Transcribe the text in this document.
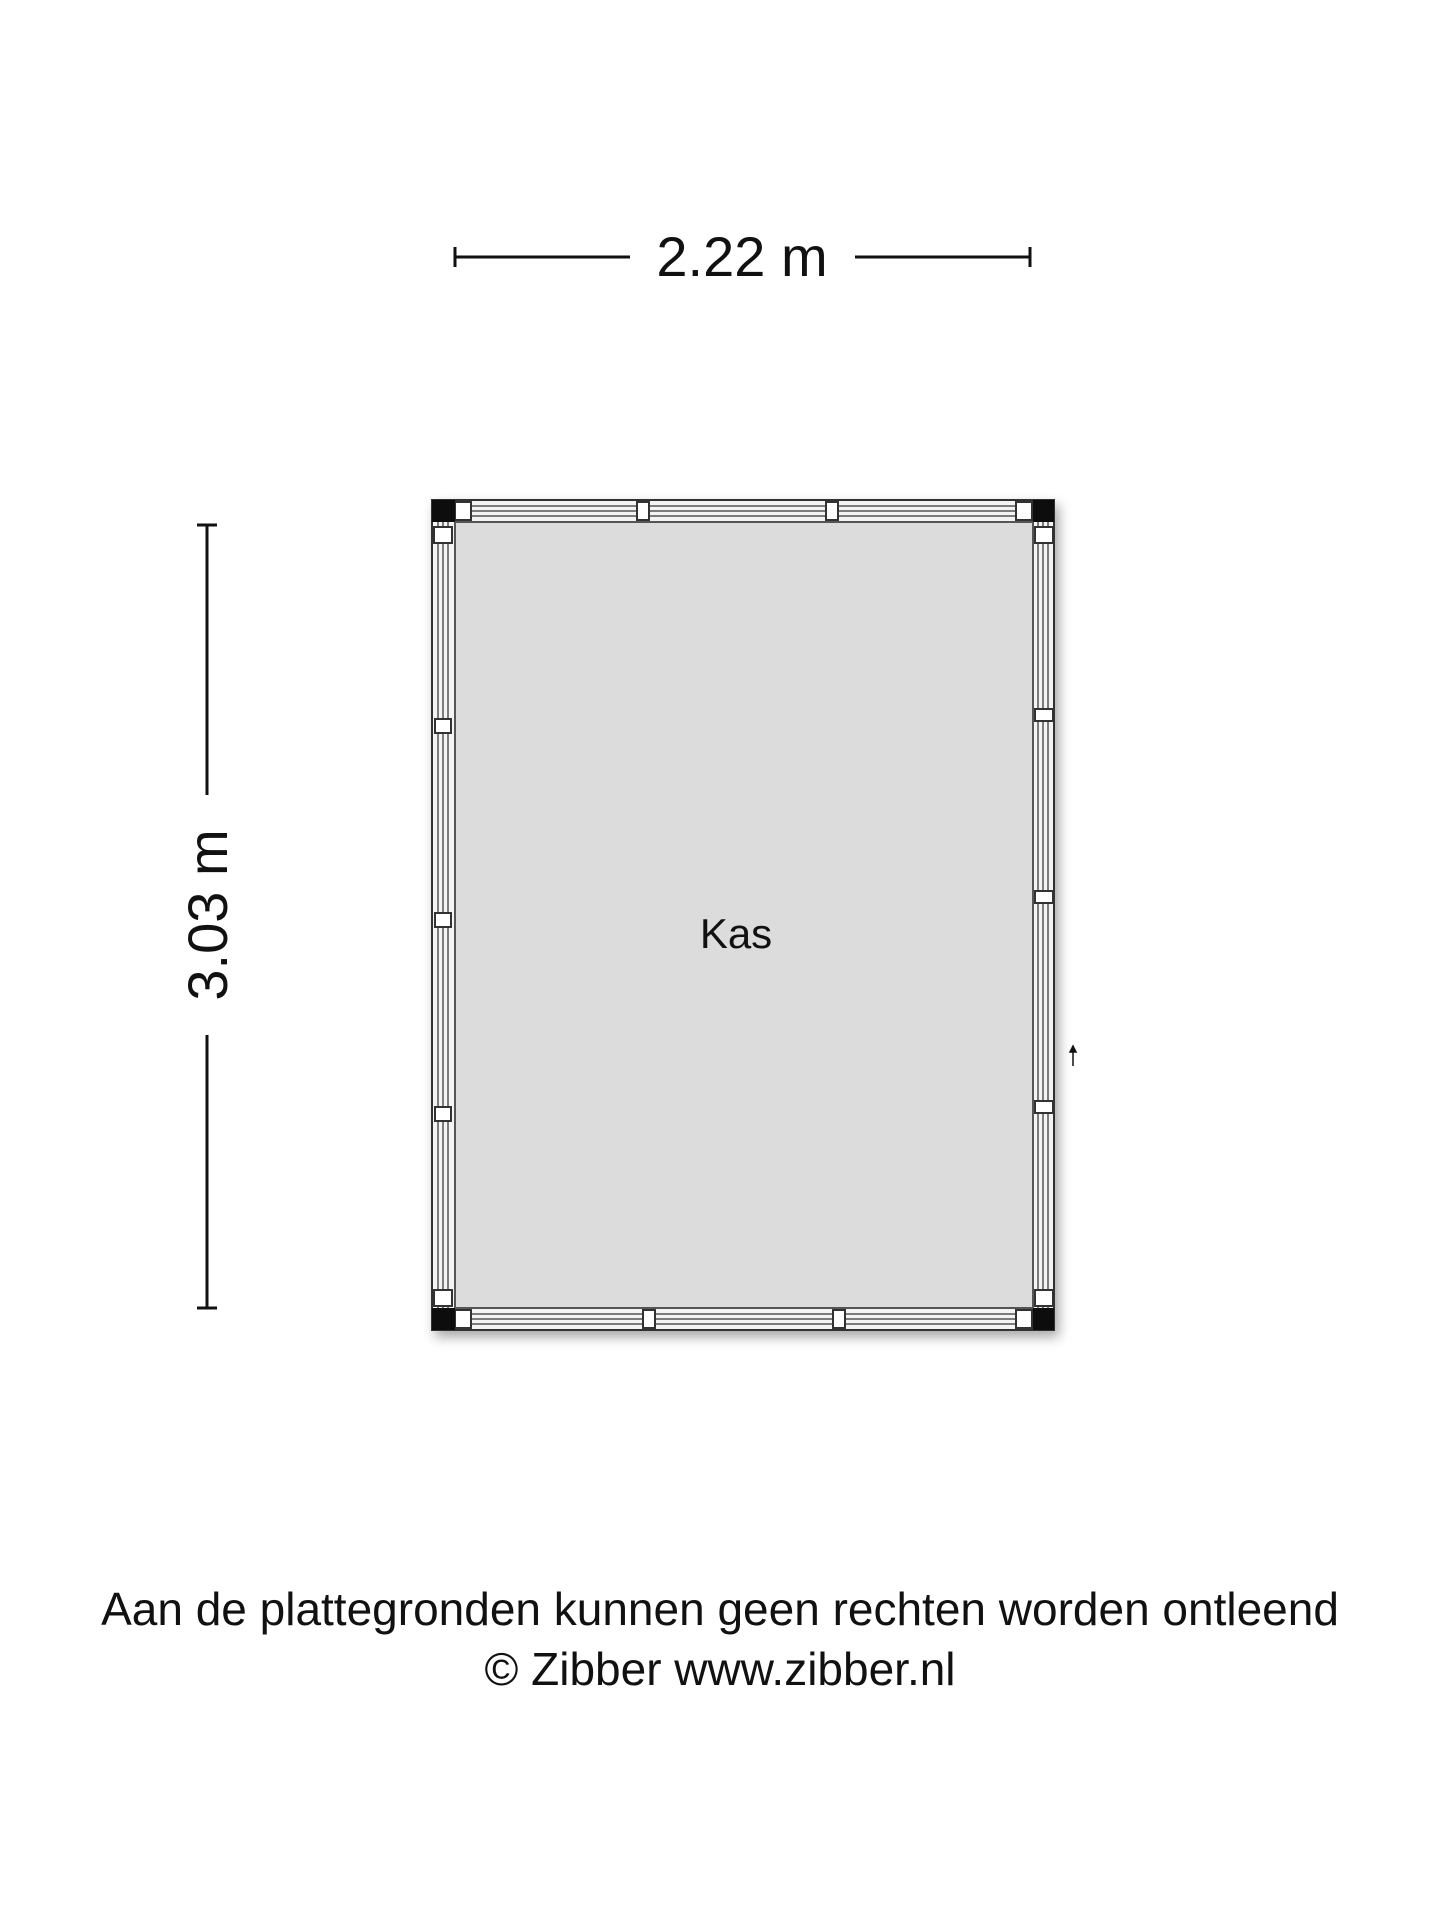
2.22 m
3.03 m	Kas
Aan de plattegronden kunnen geen rechten worden ontleend
© Zibber www.zibber.nl
